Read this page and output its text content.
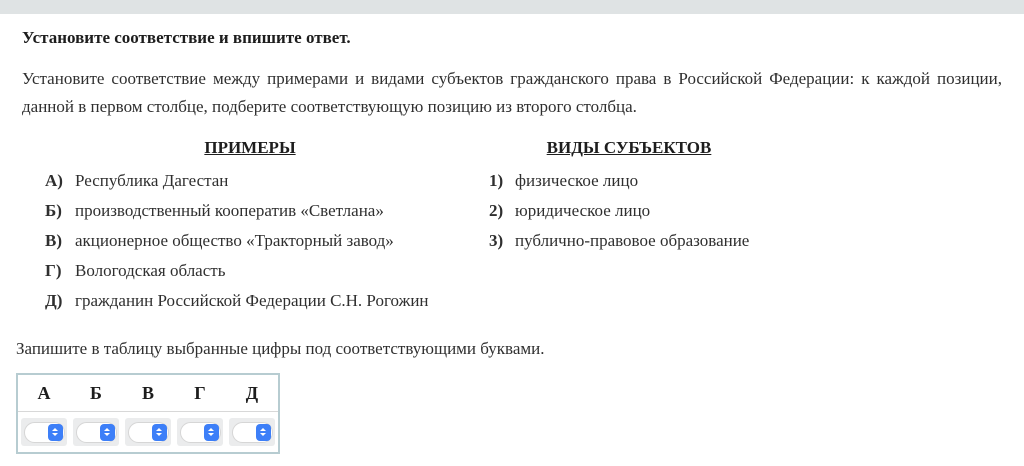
Установите соответствие и впишите ответ.
Установите соответствие между примерами и видами субъектов гражданского права в Российской Федерации: к каждой позиции, данной в первом столбце, подберите соответствующую позицию из второго столбца.
ПРИМЕРЫ
А) Республика Дагестан
Б) производственный кооператив «Светлана»
В) акционерное общество «Тракторный завод»
Г) Вологодская область
Д) гражданин Российской Федерации С.Н. Рогожин
ВИДЫ СУБЪЕКТОВ
1) физическое лицо
2) юридическое лицо
3) публично-правовое образование
Запишите в таблицу выбранные цифры под соответствующими буквами.
А	Б	В	Г	Д
